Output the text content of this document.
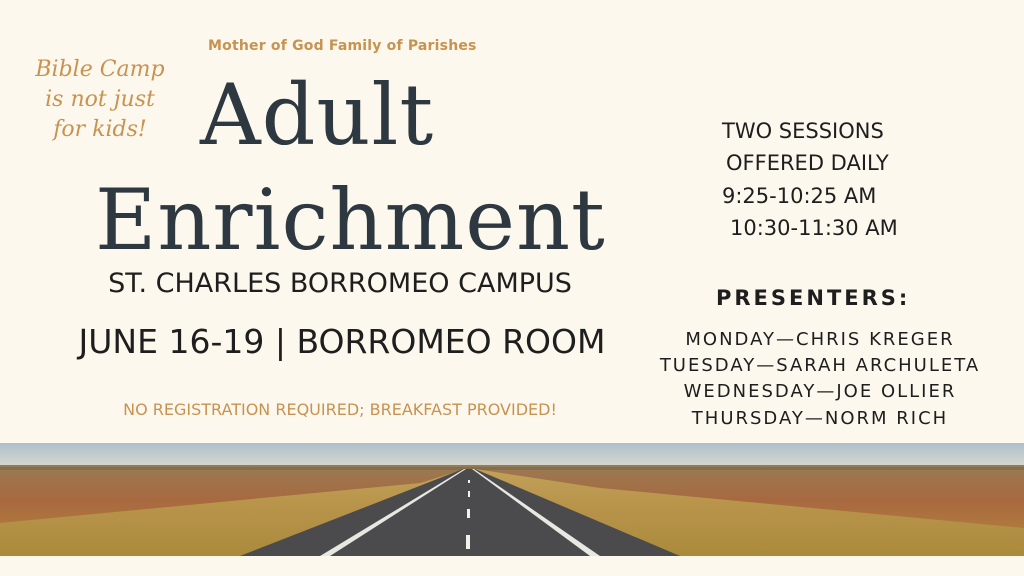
Mother of God Family of Parishes
Bible Camp
is not just
for kids! Adult
Enrichment
ST. CHARLES BORROMEO CAMPUS
JUNE 16-19 | BORROMEO ROOM
NO REGISTRATION REQUIRED; BREAKFAST PROVIDED!
TWO SESSIONS
OFFERED DAILY
9:25-10:25 AM
10:30-11:30 AM
PRESENTERS:
MONDAY—CHRIS KREGER
TUESDAY—SARAH ARCHULETA
WEDNESDAY—JOE OLLIER
THURSDAY—NORM RICH
